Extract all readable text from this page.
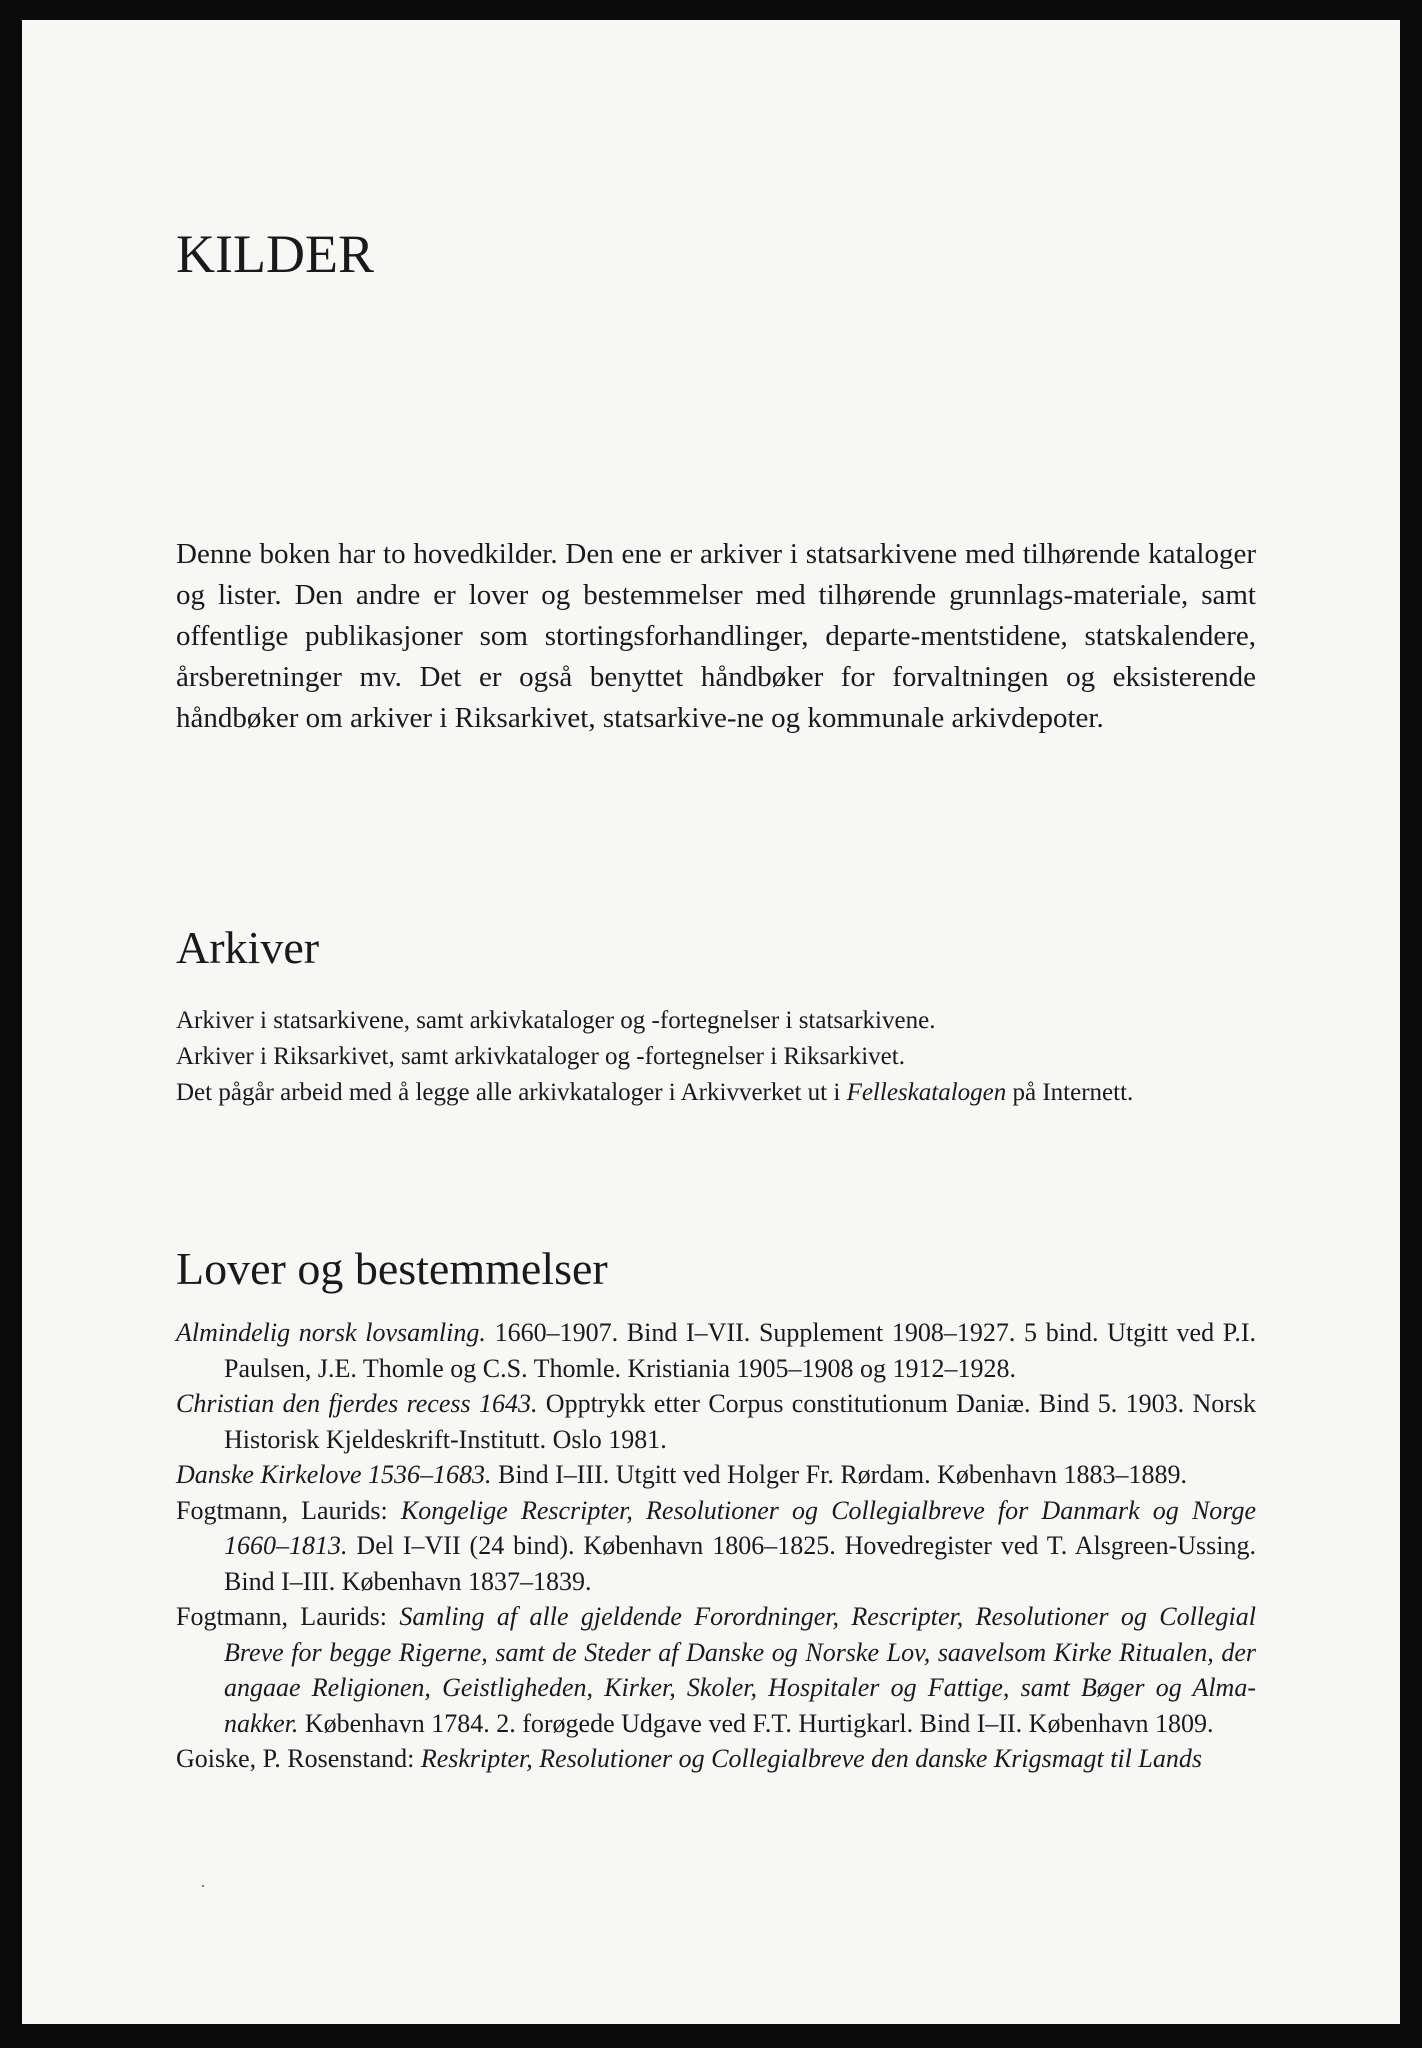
KILDER

Denne boken har to hovedkilder. Den ene er arkiver i statsarkivene med tilhørende kataloger og lister. Den andre er lover og bestemmelser med tilhørende grunnlags-materiale, samt offentlige publikasjoner som stortingsforhandlinger, departe-mentstidene, statskalendere, årsberetninger mv. Det er også benyttet håndbøker for forvaltningen og eksisterende håndbøker om arkiver i Riksarkivet, statsarkive-ne og kommunale arkivdepoter.

Arkiver
Arkiver i statsarkivene, samt arkivkataloger og -fortegnelser i statsarkivene.
Arkiver i Riksarkivet, samt arkivkataloger og -fortegnelser i Riksarkivet.
Det pågår arbeid med å legge alle arkivkataloger i Arkivverket ut i Felleskatalogen på Internett.
Lover og bestemmelser
Almindelig norsk lovsamling. 1660–1907. Bind I–VII. Supplement 1908–1927. 5 bind. Utgitt ved P.I. Paulsen, J.E. Thomle og C.S. Thomle. Kristiania 1905–1908 og 1912–1928.
Christian den fjerdes recess 1643. Opptrykk etter Corpus constitutionum Daniæ. Bind 5. 1903. Norsk Historisk Kjeldeskrift-Institutt. Oslo 1981.
Danske Kirkelove 1536–1683. Bind I–III. Utgitt ved Holger Fr. Rørdam. København 1883–1889.
Fogtmann, Laurids: Kongelige Rescripter, Resolutioner og Collegialbreve for Danmark og Norge 1660–1813. Del I–VII (24 bind). København 1806–1825. Hovedregister ved T. Alsgreen-Ussing. Bind I–III. København 1837–1839.
Fogtmann, Laurids: Samling af alle gjeldende Forordninger, Rescripter, Resolutioner og Collegial Breve for begge Rigerne, samt de Steder af Danske og Norske Lov, saavelsom Kirke Ritualen, der angaae Religionen, Geistligheden, Kirker, Skoler, Hospitaler og Fattige, samt Bøger og Alma-nakker. København 1784. 2. forøgede Udgave ved F.T. Hurtigkarl. Bind I–II. København 1809.
Goiske, P. Rosenstand: Reskripter, Resolutioner og Collegialbreve den danske Krigsmagt til Lands
